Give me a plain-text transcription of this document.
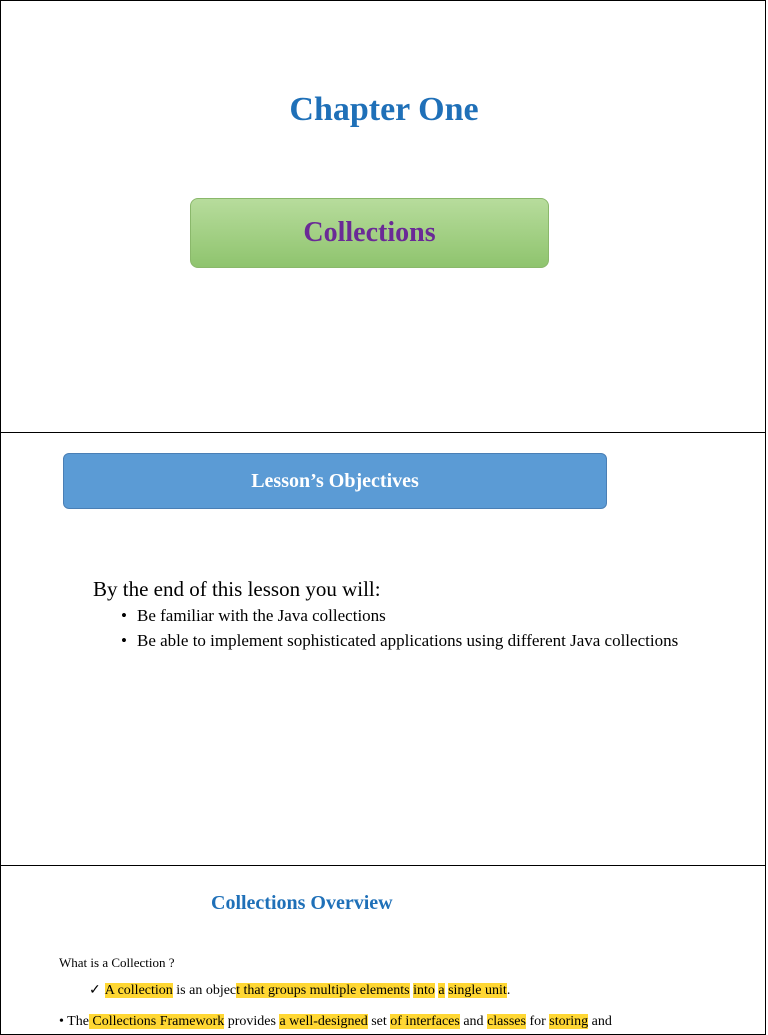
Chapter One
Collections
Lesson’s Objectives
By the end of this lesson you will:
• Be familiar with the Java collections
• Be able to implement sophisticated applications using different Java collections
Collections Overview
What is a Collection ?
✓ A collection is an object that groups multiple elements into a single unit.
• The Collections Framework provides a well-designed set of interfaces and classes for storing and
